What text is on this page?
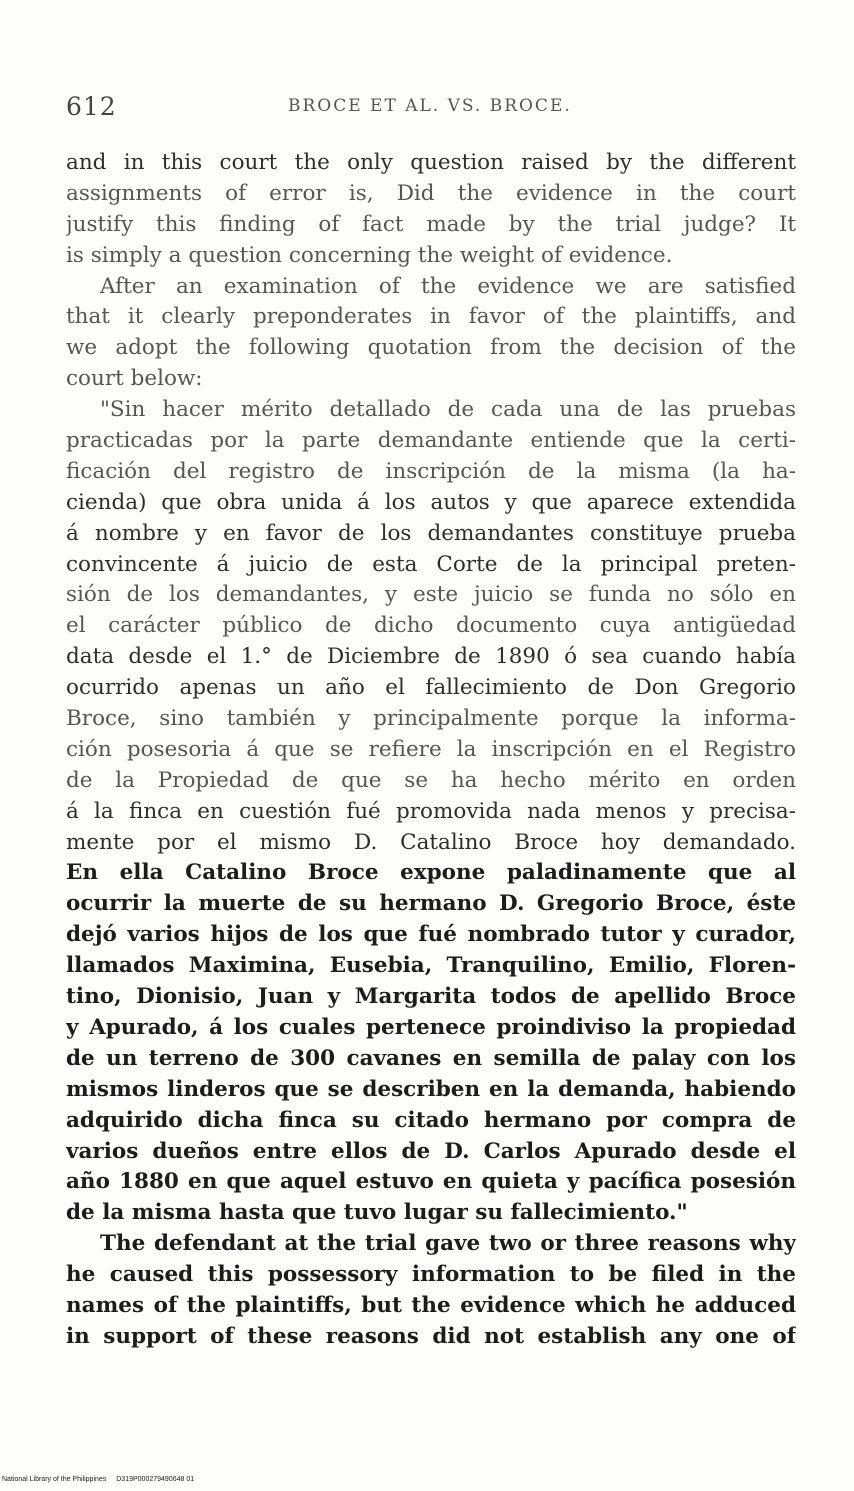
612	BROCE ET AL. VS. BROCE.
and in this court the only question raised by the different
assignments of error is, Did the evidence in the court
justify this finding of fact made by the trial judge? It
is simply a question concerning the weight of evidence.
After an examination of the evidence we are satisfied
that it clearly preponderates in favor of the plaintiffs, and
we adopt the following quotation from the decision of the
court below:
"Sin hacer mérito detallado de cada una de las pruebas
practicadas por la parte demandante entiende que la certi-
ficación del registro de inscripción de la misma (la ha-
cienda) que obra unida á los autos y que aparece extendida
á nombre y en favor de los demandantes constituye prueba
convincente á juicio de esta Corte de la principal preten-
sión de los demandantes, y este juicio se funda no sólo en
el carácter público de dicho documento cuya antigüedad
data desde el 1.° de Diciembre de 1890 ó sea cuando había
ocurrido apenas un año el fallecimiento de Don Gregorio
Broce, sino también y principalmente porque la informa-
ción posesoria á que se refiere la inscripción en el Registro
de la Propiedad de que se ha hecho mérito en orden
á la finca en cuestión fué promovida nada menos y precisa-
mente por el mismo D. Catalino Broce hoy demandado.
En ella Catalino Broce expone paladinamente que al
ocurrir la muerte de su hermano D. Gregorio Broce, éste
dejó varios hijos de los que fué nombrado tutor y curador,
llamados Maximina, Eusebia, Tranquilino, Emilio, Floren-
tino, Dionisio, Juan y Margarita todos de apellido Broce
y Apurado, á los cuales pertenece proindiviso la propiedad
de un terreno de 300 cavanes en semilla de palay con los
mismos linderos que se describen en la demanda, habiendo
adquirido dicha finca su citado hermano por compra de
varios dueños entre ellos de D. Carlos Apurado desde el
año 1880 en que aquel estuvo en quieta y pacífica posesión
de la misma hasta que tuvo lugar su fallecimiento."
The defendant at the trial gave two or three reasons why
he caused this possessory information to be filed in the
names of the plaintiffs, but the evidence which he adduced
in support of these reasons did not establish any one of
National Library of the Philippines D319P000279490648 01
